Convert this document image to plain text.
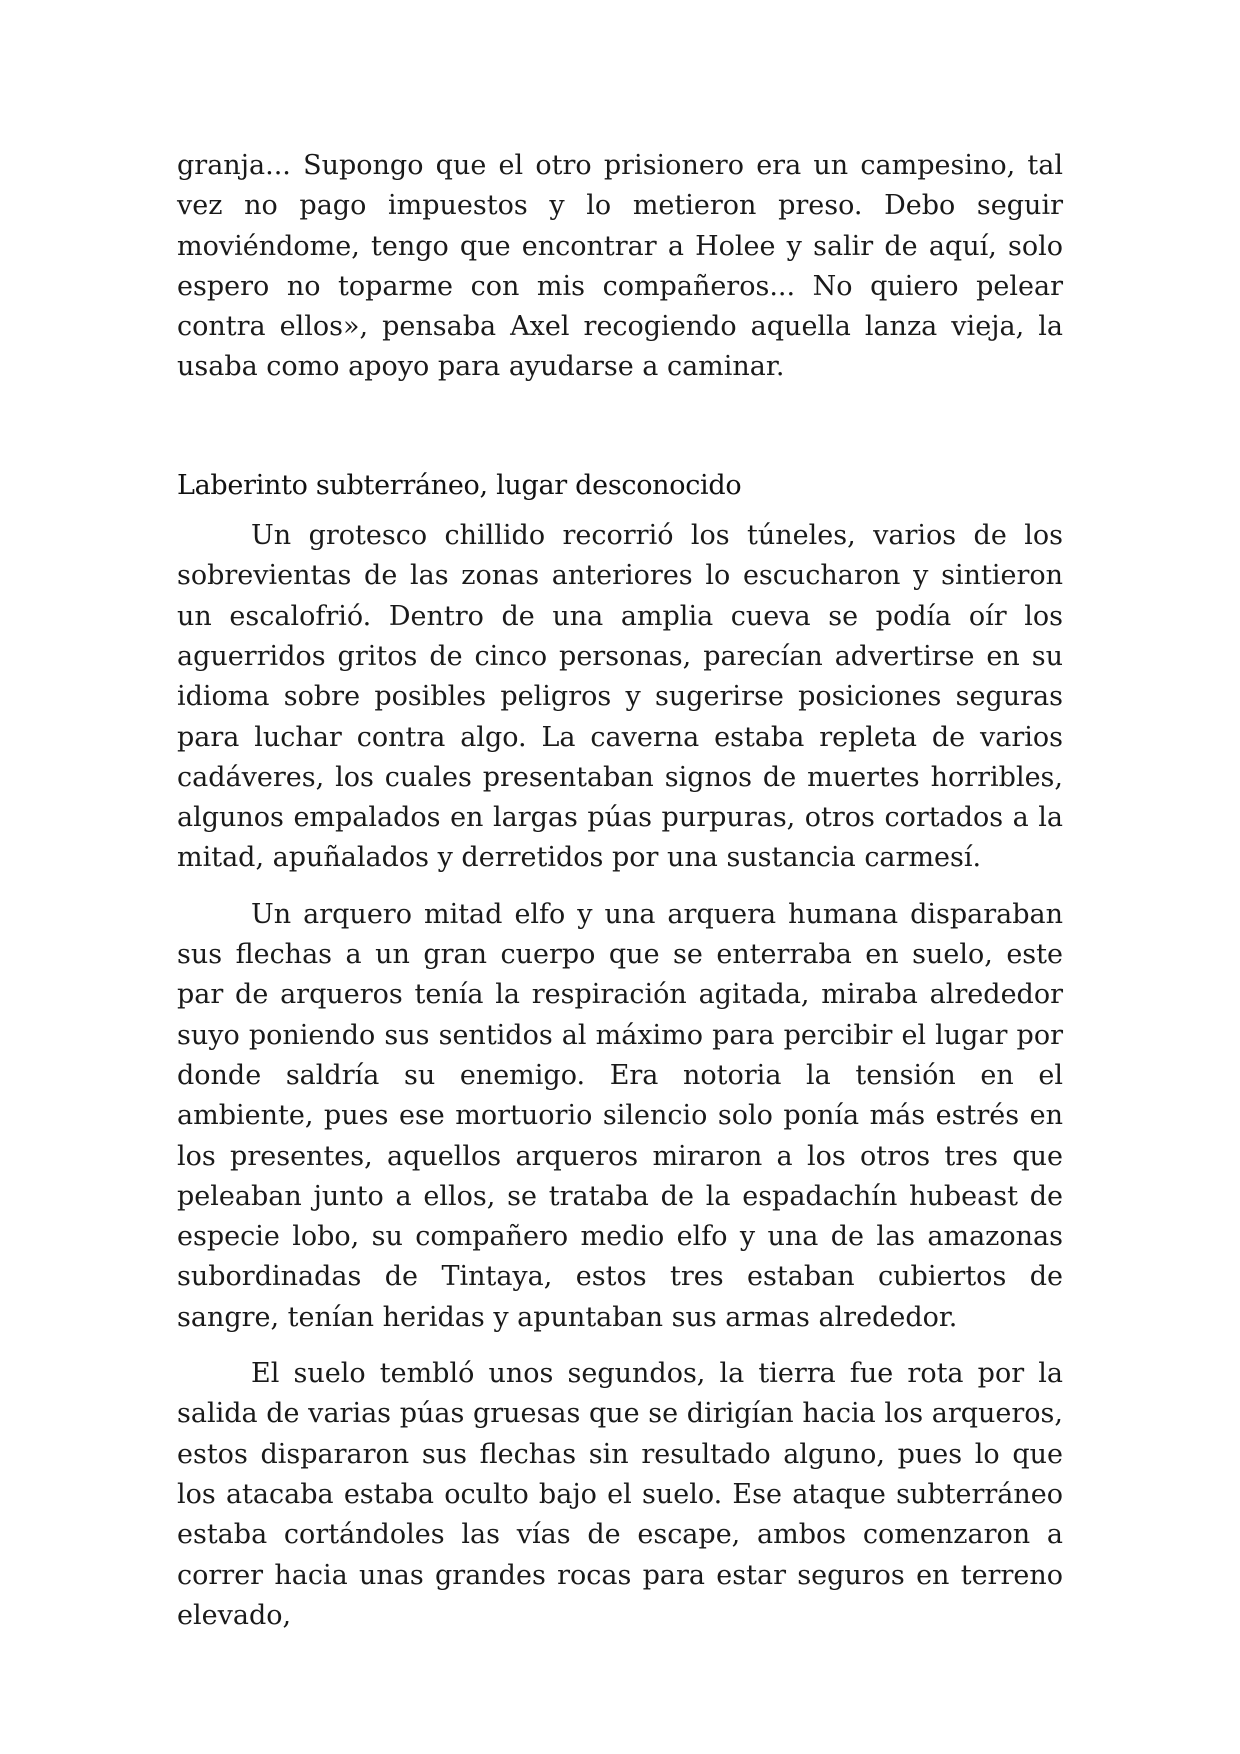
granja... Supongo que el otro prisionero era un campesino, tal vez no pago impuestos y lo metieron preso. Debo seguir moviéndome, tengo que encontrar a Holee y salir de aquí, solo espero no toparme con mis compañeros... No quiero pelear contra ellos», pensaba Axel recogiendo aquella lanza vieja, la usaba como apoyo para ayudarse a caminar.

Laberinto subterráneo, lugar desconocido

Un grotesco chillido recorrió los túneles, varios de los sobrevientas de las zonas anteriores lo escucharon y sintieron un escalofrió. Dentro de una amplia cueva se podía oír los aguerridos gritos de cinco personas, parecían advertirse en su idioma sobre posibles peligros y sugerirse posiciones seguras para luchar contra algo. La caverna estaba repleta de varios cadáveres, los cuales presentaban signos de muertes horribles, algunos empalados en largas púas purpuras, otros cortados a la mitad, apuñalados y derretidos por una sustancia carmesí.

Un arquero mitad elfo y una arquera humana disparaban sus flechas a un gran cuerpo que se enterraba en suelo, este par de arqueros tenía la respiración agitada, miraba alrededor suyo poniendo sus sentidos al máximo para percibir el lugar por donde saldría su enemigo. Era notoria la tensión en el ambiente, pues ese mortuorio silencio solo ponía más estrés en los presentes, aquellos arqueros miraron a los otros tres que peleaban junto a ellos, se trataba de la espadachín hubeast de especie lobo, su compañero medio elfo y una de las amazonas subordinadas de Tintaya, estos tres estaban cubiertos de sangre, tenían heridas y apuntaban sus armas alrededor.

El suelo tembló unos segundos, la tierra fue rota por la salida de varias púas gruesas que se dirigían hacia los arqueros, estos dispararon sus flechas sin resultado alguno, pues lo que los atacaba estaba oculto bajo el suelo. Ese ataque subterráneo estaba cortándoles las vías de escape, ambos comenzaron a correr hacia unas grandes rocas para estar seguros en terreno elevado,
